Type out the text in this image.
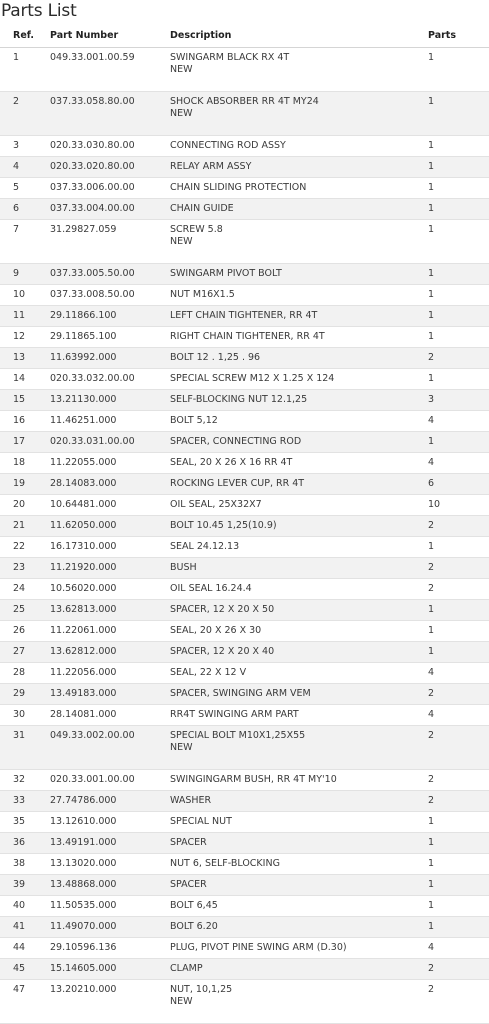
Parts List
Ref.	Part Number	Description	Parts
1	049.33.001.00.59	SWINGARM BLACK RX 4T
NEW	1
2	037.33.058.80.00	SHOCK ABSORBER RR 4T MY24
NEW	1
3	020.33.030.80.00	CONNECTING ROD ASSY	1
4	020.33.020.80.00	RELAY ARM ASSY	1
5	037.33.006.00.00	CHAIN SLIDING PROTECTION	1
6	037.33.004.00.00	CHAIN GUIDE	1
7	31.29827.059	SCREW 5.8
NEW	1
9	037.33.005.50.00	SWINGARM PIVOT BOLT	1
10	037.33.008.50.00	NUT M16X1.5	1
11	29.11866.100	LEFT CHAIN TIGHTENER, RR 4T	1
12	29.11865.100	RIGHT CHAIN TIGHTENER, RR 4T	1
13	11.63992.000	BOLT 12 . 1,25 . 96	2
14	020.33.032.00.00	SPECIAL SCREW M12 X 1.25 X 124	1
15	13.21130.000	SELF-BLOCKING NUT 12.1,25	3
16	11.46251.000	BOLT 5,12	4
17	020.33.031.00.00	SPACER, CONNECTING ROD	1
18	11.22055.000	SEAL, 20 X 26 X 16 RR 4T	4
19	28.14083.000	ROCKING LEVER CUP, RR 4T	6
20	10.64481.000	OIL SEAL, 25X32X7	10
21	11.62050.000	BOLT 10.45 1,25(10.9)	2
22	16.17310.000	SEAL 24.12.13	1
23	11.21920.000	BUSH	2
24	10.56020.000	OIL SEAL 16.24.4	2
25	13.62813.000	SPACER, 12 X 20 X 50	1
26	11.22061.000	SEAL, 20 X 26 X 30	1
27	13.62812.000	SPACER, 12 X 20 X 40	1
28	11.22056.000	SEAL, 22 X 12 V	4
29	13.49183.000	SPACER, SWINGING ARM VEM	2
30	28.14081.000	RR4T SWINGING ARM PART	4
31	049.33.002.00.00	SPECIAL BOLT M10X1,25X55
NEW	2
32	020.33.001.00.00	SWINGINGARM BUSH, RR 4T MY'10	2
33	27.74786.000	WASHER	2
35	13.12610.000	SPECIAL NUT	1
36	13.49191.000	SPACER	1
38	13.13020.000	NUT 6, SELF-BLOCKING	1
39	13.48868.000	SPACER	1
40	11.50535.000	BOLT 6,45	1
41	11.49070.000	BOLT 6.20	1
44	29.10596.136	PLUG, PIVOT PINE SWING ARM (D.30)	4
45	15.14605.000	CLAMP	2
47	13.20210.000	NUT, 10,1,25
NEW	2
